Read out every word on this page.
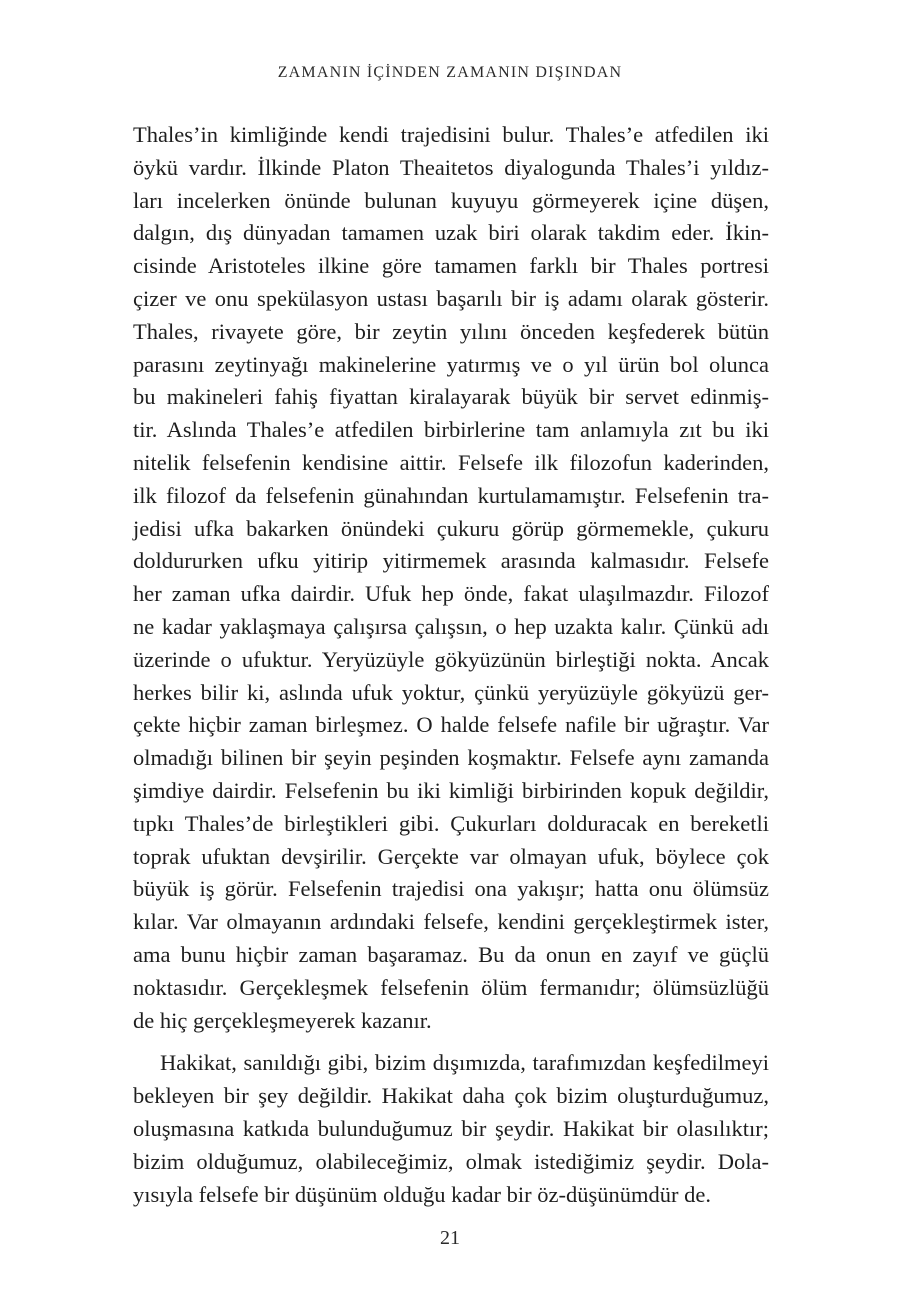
ZAMANIN İÇİNDEN ZAMANIN DIŞINDAN
Thales’in kimliğinde kendi trajedisini bulur. Thales’e atfedilen iki
öykü vardır. İlkinde Platon Theaitetos diyalogunda Thales’i yıldız-
ları incelerken önünde bulunan kuyuyu görmeyerek içine düşen,
dalgın, dış dünyadan tamamen uzak biri olarak takdim eder. İkin-
cisinde Aristoteles ilkine göre tamamen farklı bir Thales portresi
çizer ve onu spekülasyon ustası başarılı bir iş adamı olarak gösterir.
Thales, rivayete göre, bir zeytin yılını önceden keşfederek bütün
parasını zeytinyağı makinelerine yatırmış ve o yıl ürün bol olunca
bu makineleri fahiş fiyattan kiralayarak büyük bir servet edinmiş-
tir. Aslında Thales’e atfedilen birbirlerine tam anlamıyla zıt bu iki
nitelik felsefenin kendisine aittir. Felsefe ilk filozofun kaderinden,
ilk filozof da felsefenin günahından kurtulamamıştır. Felsefenin tra-
jedisi ufka bakarken önündeki çukuru görüp görmemekle, çukuru
doldururken ufku yitirip yitirmemek arasında kalmasıdır. Felsefe
her zaman ufka dairdir. Ufuk hep önde, fakat ulaşılmazdır. Filozof
ne kadar yaklaşmaya çalışırsa çalışsın, o hep uzakta kalır. Çünkü adı
üzerinde o ufuktur. Yeryüzüyle gökyüzünün birleştiği nokta. Ancak
herkes bilir ki, aslında ufuk yoktur, çünkü yeryüzüyle gökyüzü ger-
çekte hiçbir zaman birleşmez. O halde felsefe nafile bir uğraştır. Var
olmadığı bilinen bir şeyin peşinden koşmaktır. Felsefe aynı zamanda
şimdiye dairdir. Felsefenin bu iki kimliği birbirinden kopuk değildir,
tıpkı Thales’de birleştikleri gibi. Çukurları dolduracak en bereketli
toprak ufuktan devşirilir. Gerçekte var olmayan ufuk, böylece çok
büyük iş görür. Felsefenin trajedisi ona yakışır; hatta onu ölümsüz
kılar. Var olmayanın ardındaki felsefe, kendini gerçekleştirmek ister,
ama bunu hiçbir zaman başaramaz. Bu da onun en zayıf ve güçlü
noktasıdır. Gerçekleşmek felsefenin ölüm fermanıdır; ölümsüzlüğü
de hiç gerçekleşmeyerek kazanır.
Hakikat, sanıldığı gibi, bizim dışımızda, tarafımızdan keşfedilmeyi
bekleyen bir şey değildir. Hakikat daha çok bizim oluşturduğumuz,
oluşmasına katkıda bulunduğumuz bir şeydir. Hakikat bir olasılıktır;
bizim olduğumuz, olabileceğimiz, olmak istediğimiz şeydir. Dola-
yısıyla felsefe bir düşünüm olduğu kadar bir öz-düşünümdür de.
21
